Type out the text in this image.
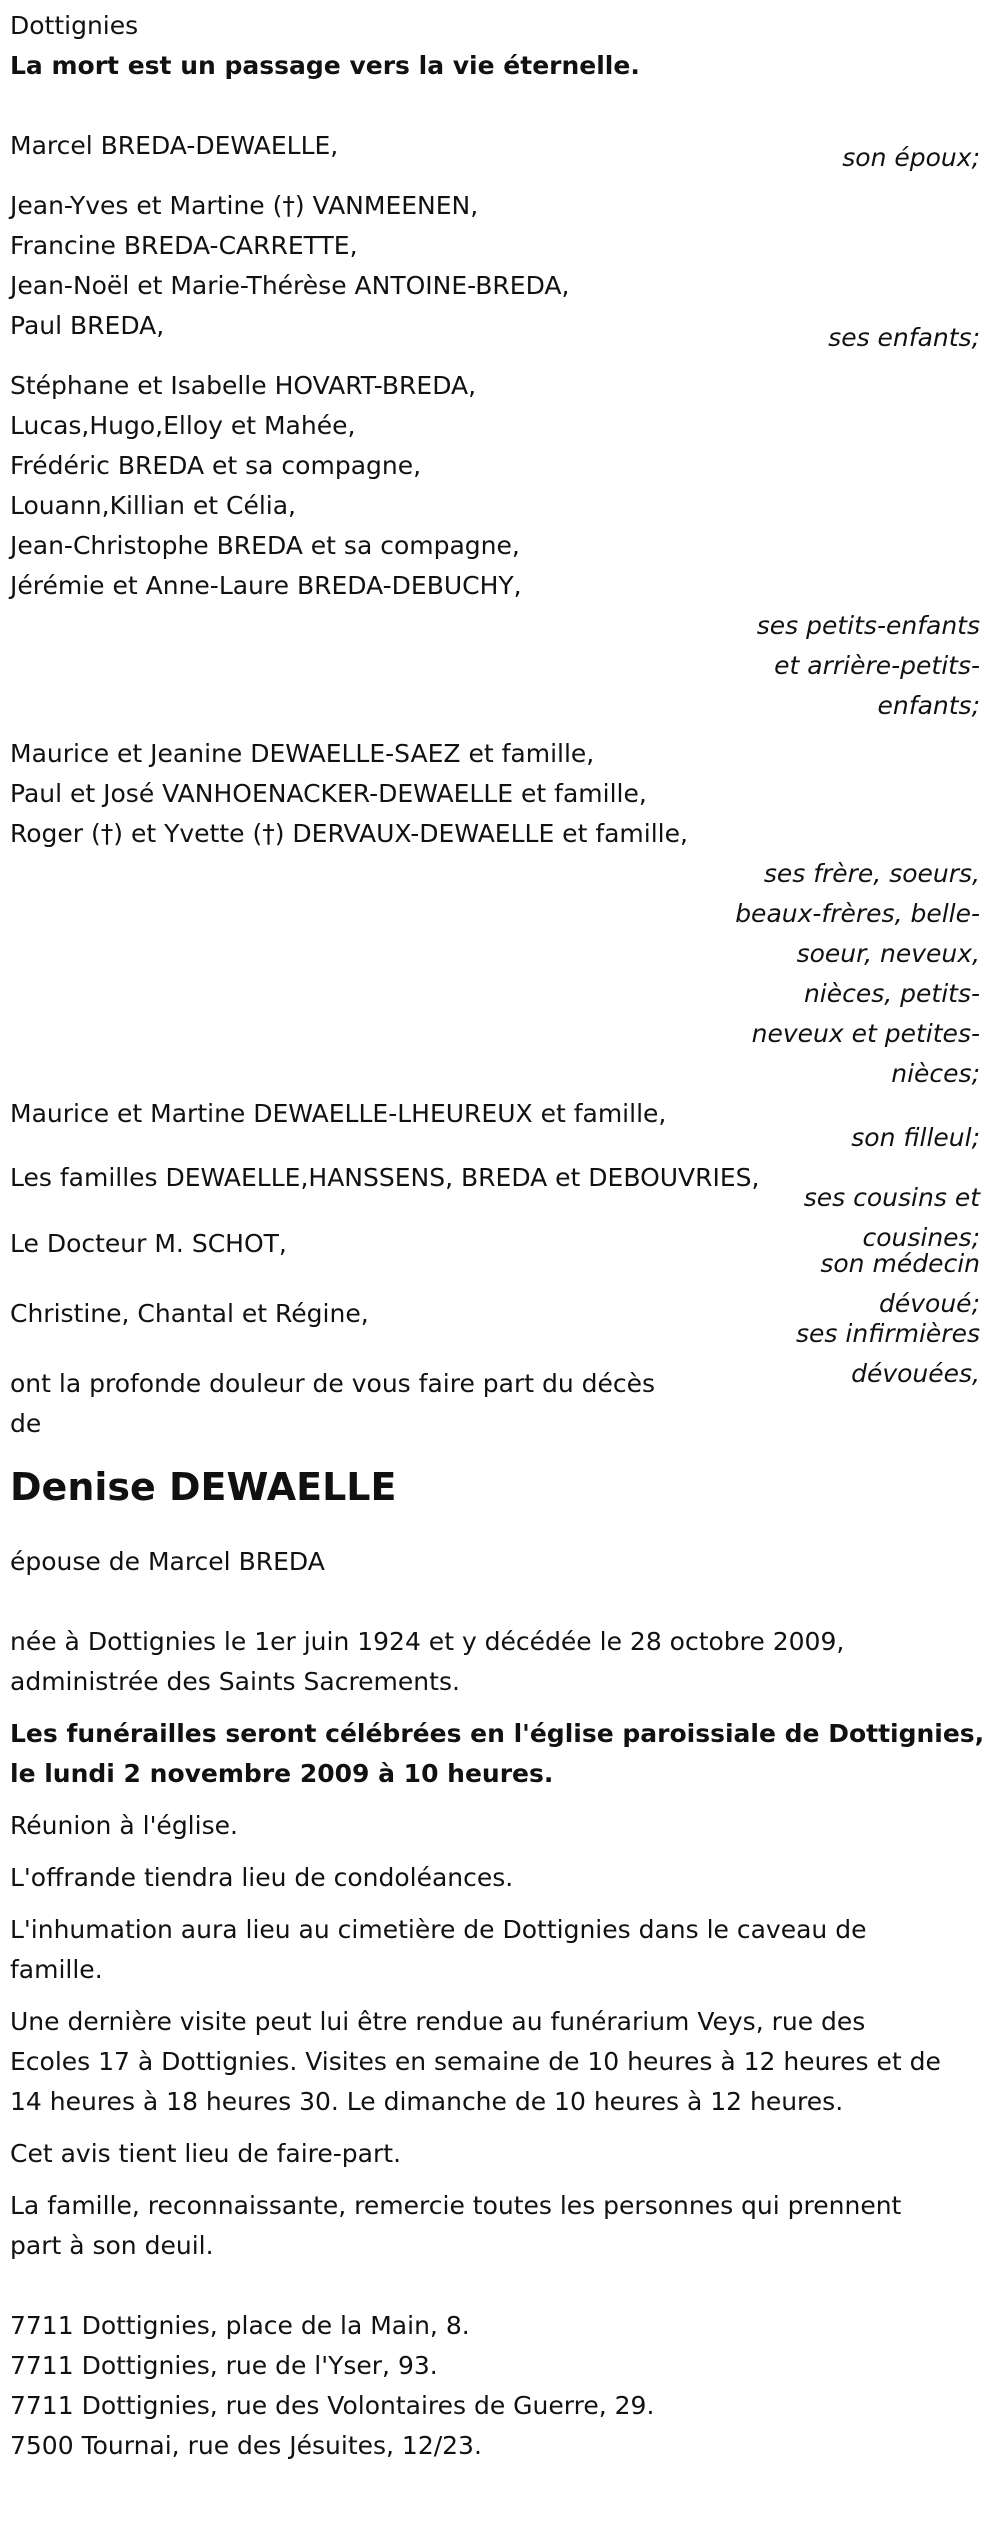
Dottignies
La mort est un passage vers la vie éternelle.
Marcel BREDA-DEWAELLE,	son époux;
Jean-Yves et Martine (†) VANMEENEN,
Francine BREDA-CARRETTE,
Jean-Noël et Marie-Thérèse ANTOINE-BREDA,
Paul BREDA,	ses enfants;
Stéphane et Isabelle HOVART-BREDA,
Lucas,Hugo,Elloy et Mahée,
Frédéric BREDA et sa compagne,
Louann,Killian et Célia,
Jean-Christophe BREDA et sa compagne,
Jérémie et Anne-Laure BREDA-DEBUCHY,
ses petits-enfants
et arrière-petits-
enfants;
Maurice et Jeanine DEWAELLE-SAEZ et famille,
Paul et José VANHOENACKER-DEWAELLE et famille,
Roger (†) et Yvette (†) DERVAUX-DEWAELLE et famille,
ses frère, soeurs,
beaux-frères, belle-
soeur, neveux,
nièces, petits-
neveux et petites-
nièces;
Maurice et Martine DEWAELLE-LHEUREUX et famille,
son filleul;
Les familles DEWAELLE,HANSSENS, BREDA et DEBOUVRIES,
ses cousins et
cousines;
Le Docteur M. SCHOT,
son médecin
dévoué;
Christine, Chantal et Régine,
ses infirmières
dévouées,
ont la profonde douleur de vous faire part du décès
de
Denise DEWAELLE
épouse de Marcel BREDA
née à Dottignies le 1er juin 1924 et y décédée le 28 octobre 2009,
administrée des Saints Sacrements.
Les funérailles seront célébrées en l'église paroissiale de Dottignies,
le lundi 2 novembre 2009 à 10 heures.
Réunion à l'église.
L'offrande tiendra lieu de condoléances.
L'inhumation aura lieu au cimetière de Dottignies dans le caveau de
famille.
Une dernière visite peut lui être rendue au funérarium Veys, rue des
Ecoles 17 à Dottignies. Visites en semaine de 10 heures à 12 heures et de
14 heures à 18 heures 30. Le dimanche de 10 heures à 12 heures.
Cet avis tient lieu de faire-part.
La famille, reconnaissante, remercie toutes les personnes qui prennent
part à son deuil.
7711 Dottignies, place de la Main, 8.
7711 Dottignies, rue de l'Yser, 93.
7711 Dottignies, rue des Volontaires de Guerre, 29.
7500 Tournai, rue des Jésuites, 12/23.
